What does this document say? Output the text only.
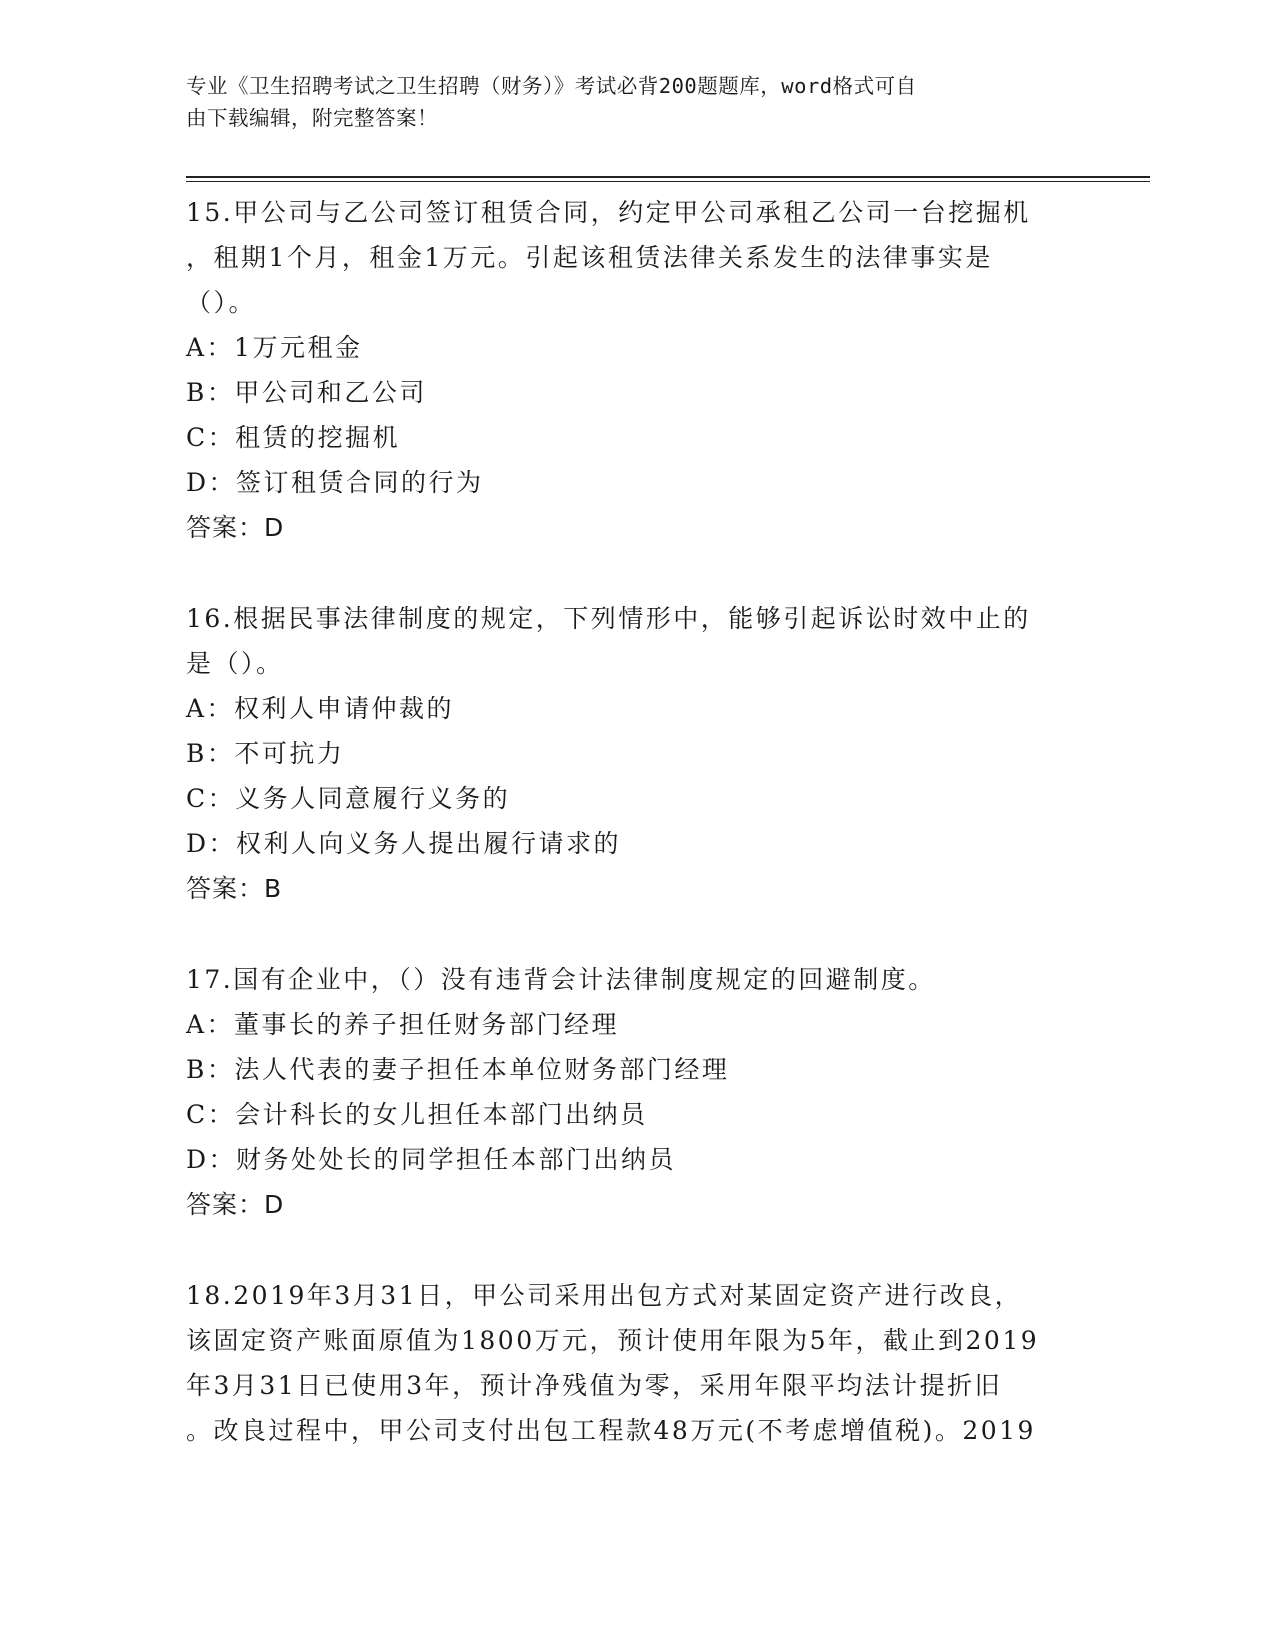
专业《卫生招聘考试之卫生招聘（财务）》考试必背200题题库，word格式可自

由下载编辑，附完整答案！

15.甲公司与乙公司签订租赁合同，约定甲公司承租乙公司一台挖掘机

，租期1个月，租金1万元。引起该租赁法律关系发生的法律事实是

（）。

A：1万元租金

B：甲公司和乙公司

C：租赁的挖掘机

D：签订租赁合同的行为

答案：D

16.根据民事法律制度的规定，下列情形中，能够引起诉讼时效中止的

是（）。

A：权利人申请仲裁的

B：不可抗力

C：义务人同意履行义务的

D：权利人向义务人提出履行请求的

答案：B

17.国有企业中，（）没有违背会计法律制度规定的回避制度。

A：董事长的养子担任财务部门经理

B：法人代表的妻子担任本单位财务部门经理

C：会计科长的女儿担任本部门出纳员

D：财务处处长的同学担任本部门出纳员

答案：D

18.2019年3月31日，甲公司采用出包方式对某固定资产进行改良，

该固定资产账面原值为1800万元，预计使用年限为5年，截止到2019

年3月31日已使用3年，预计净残值为零，采用年限平均法计提折旧

。改良过程中，甲公司支付出包工程款48万元(不考虑增值税)。2019
